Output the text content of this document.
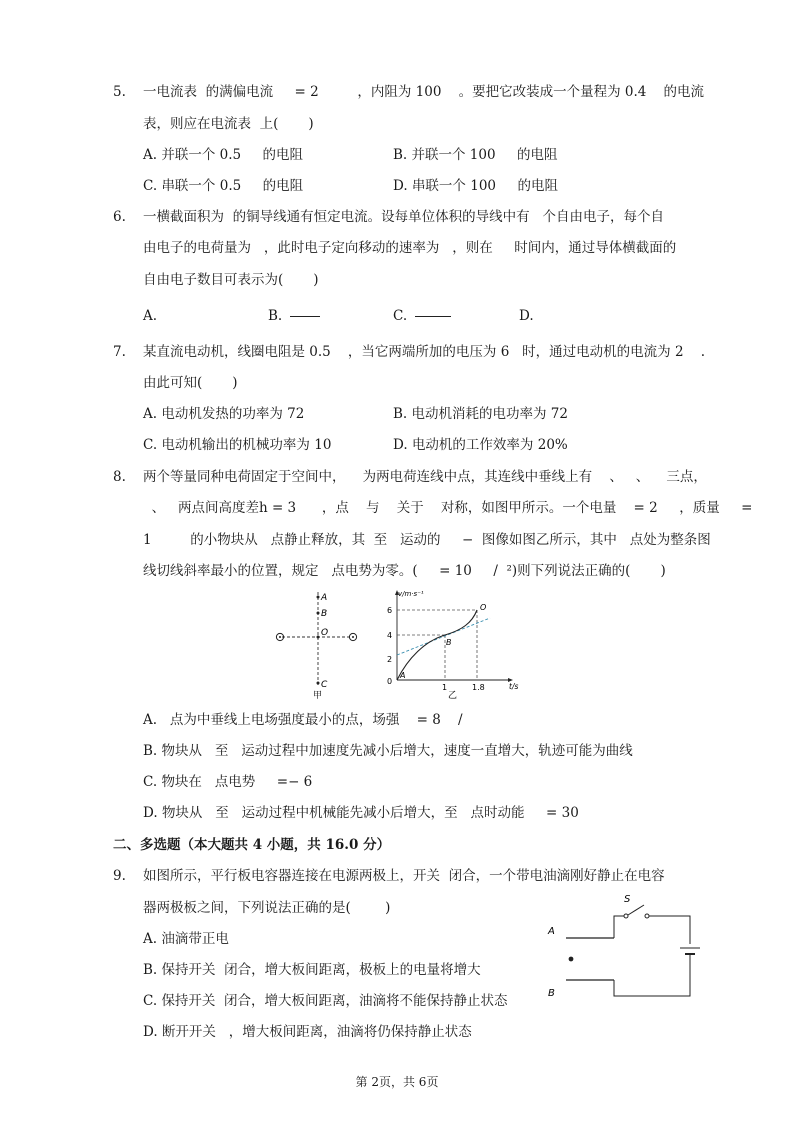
5. 一电流表  的满偏电流     = 2         ，内阻为 100    。要把它改装成一个量程为 0.4    的电流
表，则应在电流表  上(       )
A. 并联一个 0.5     的电阻	B. 并联一个 100     的电阻
C. 串联一个 0.5     的电阻	D. 串联一个 100     的电阻
6. 一横截面积为  的铜导线通有恒定电流。设每单位体积的导线中有   个自由电子，每个自
由电子的电荷量为   ，此时电子定向移动的速率为   ，则在     时间内，通过导体横截面的
自由电子数目可表示为(       )
A.	B.	C.	D.
7. 某直流电动机，线圈电阻是 0.5    ，当它两端所加的电压为 6   时，通过电动机的电流为 2    .
由此可知(       )
A. 电动机发热的功率为 72	B. 电动机消耗的电功率为 72
C. 电动机输出的机械功率为 10	D. 电动机的工作效率为 20%
8. 两个等量同种电荷固定于空间中，    为两电荷连线中点，其连线中垂线上有    、   、    三点，
、   两点间高度差h = 3      ，点    与    关于    对称，如图甲所示。一个电量    = 2     ，质量     =
1         的小物块从   点静止释放，其  至   运动的     −  图像如图乙所示，其中   点处为整条图
线切线斜率最小的位置，规定   点电势为零。(     = 10     /  ²)则下列说法正确的(       )
A
B
O
C
甲
v/m·s⁻¹
t/s
6
4
2
0
1	1.8
A
B
O
乙
A.   点为中垂线上电场强度最小的点，场强    = 8    /
B. 物块从   至   运动过程中加速度先减小后增大，速度一直增大，轨迹可能为曲线
C. 物块在   点电势     =− 6
D. 物块从   至   运动过程中机械能先减小后增大，至   点时动能     = 30
二、多选题（本大题共 4 小题，共 16.0 分）
9. 如图所示，平行板电容器连接在电源两极上，开关  闭合，一个带电油滴刚好静止在电容
器两极板之间，下列说法正确的是(        )
A. 油滴带正电
B. 保持开关  闭合，增大板间距离，极板上的电量将增大
C. 保持开关  闭合，增大板间距离，油滴将不能保持静止状态
D. 断开开关   ，增大板间距离，油滴将仍保持静止状态
S
A
B
第 2页，共 6页
